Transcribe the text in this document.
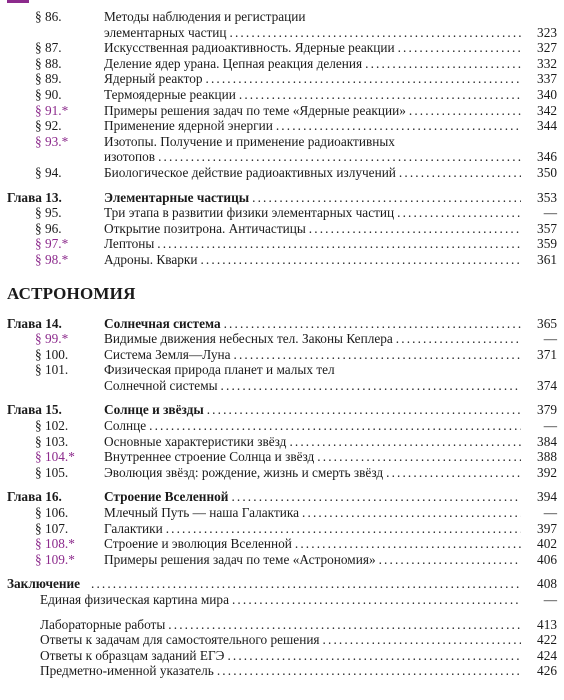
§ 86.	Методы наблюдения и регистрации
элементарных частиц . . .	323
§ 87.	Искусственная радиоактивность. Ядерные реакции . . .	327
§ 88.	Деление ядер урана. Цепная реакция деления . . .	332
§ 89.	Ядерный реактор . . .	337
§ 90.	Термоядерные реакции . . .	340
§ 91.*	Примеры решения задач по теме «Ядерные реакции» . . .	342
§ 92.	Применение ядерной энергии . . .	344
§ 93.*	Изотопы. Получение и применение радиоактивных
изотопов . . .	346
§ 94.	Биологическое действие радиоактивных излучений . . .	350
Глава 13.	Элементарные частицы . . .	353
§ 95.	Три этапа в развитии физики элементарных частиц . . .	—
§ 96.	Открытие позитрона. Античастицы . . .	357
§ 97.*	Лептоны . . .	359
§ 98.*	Адроны. Кварки . . .	361
АСТРОНОМИЯ
Глава 14.	Солнечная система . . .	365
§ 99.*	Видимые движения небесных тел. Законы Кеплера . . .	—
§ 100.	Система Земля—Луна . . .	371
§ 101.	Физическая природа планет и малых тел
Солнечной системы . . .	374
Глава 15.	Солнце и звёзды . . .	379
§ 102.	Солнце . . .	—
§ 103.	Основные характеристики звёзд . . .	384
§ 104.* Внутреннее строение Солнца и звёзд . . .	388
§ 105.	Эволюция звёзд: рождение, жизнь и смерть звёзд . . .	392
Глава 16.	Строение Вселенной . . .	394
§ 106.	Млечный Путь — наша Галактика . . .	—
§ 107.	Галактики . . .	397
§ 108.* Строение и эволюция Вселенной . . .	402
§ 109.* Примеры решения задач по теме «Астрономия» . . .	406
Заключение . . .	408
Единая физическая картина мира . . .	—
Лабораторные работы . . .	413
Ответы к задачам для самостоятельного решения . . .	422
Ответы к образцам заданий ЕГЭ . . .	424
Предметно-именной указатель . . .	426
